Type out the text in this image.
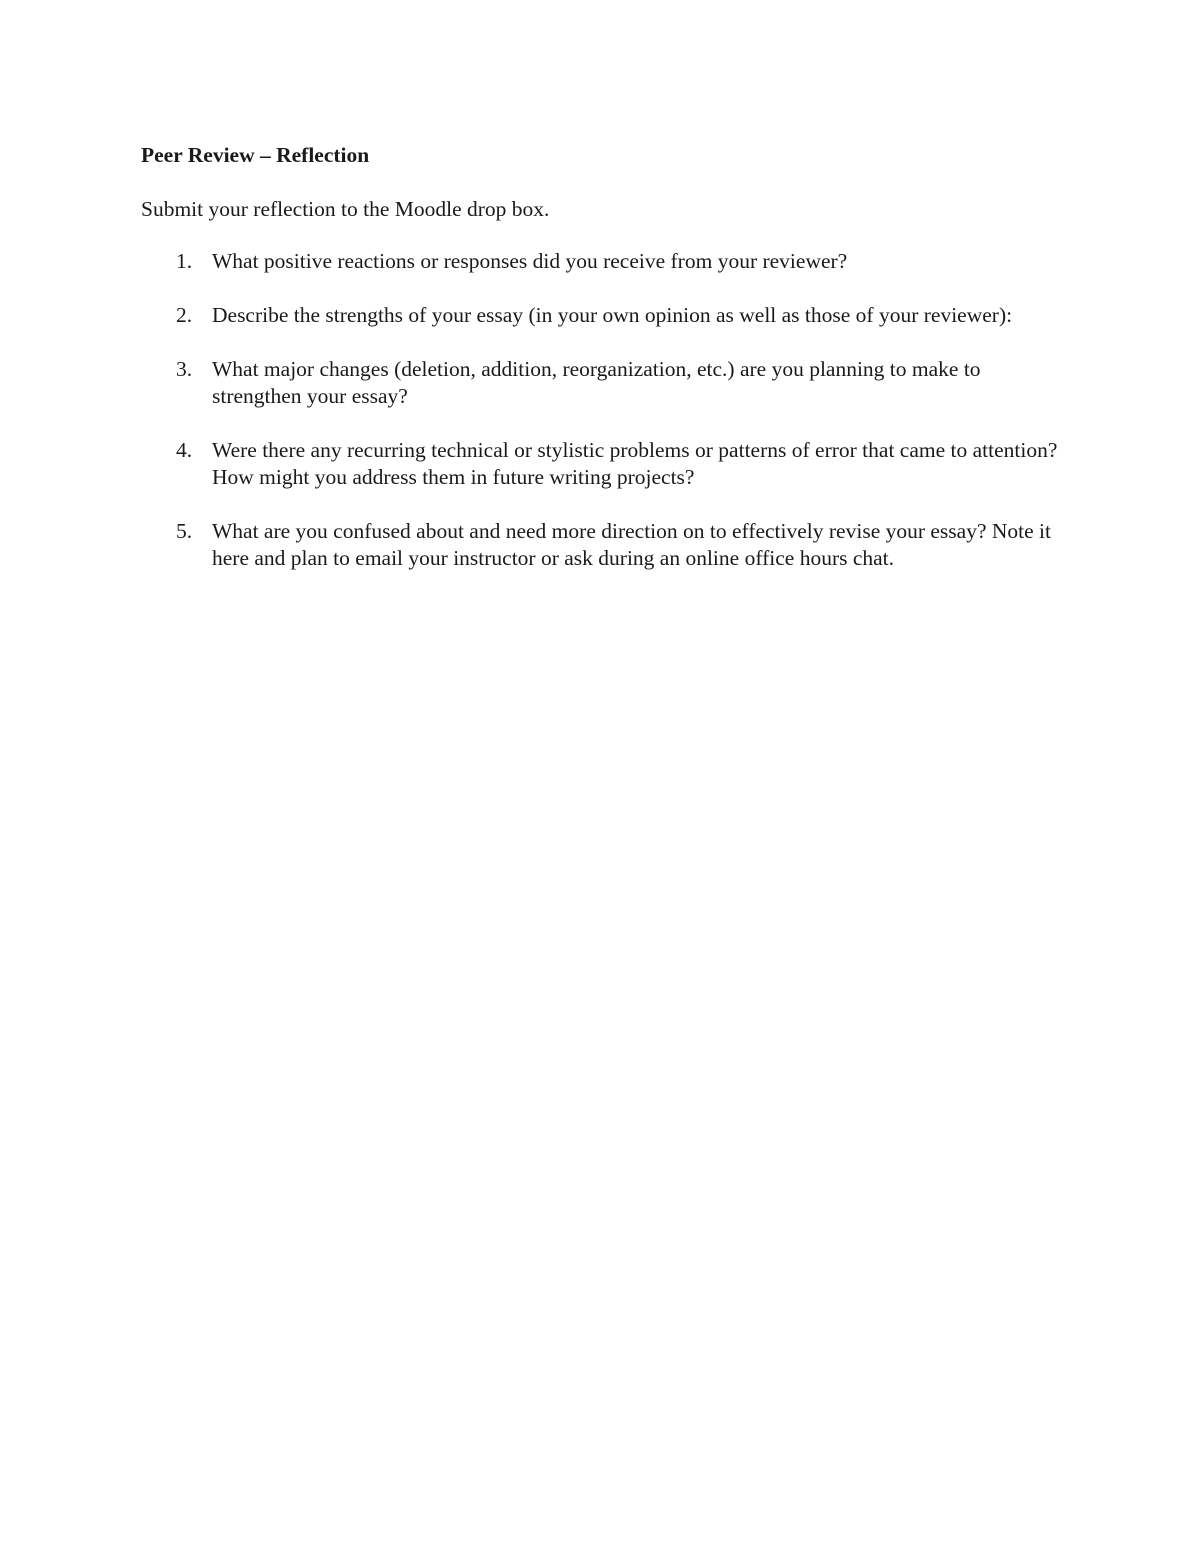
Peer Review – Reflection

Submit your reflection to the Moodle drop box.

1. What positive reactions or responses did you receive from your reviewer?
2. Describe the strengths of your essay (in your own opinion as well as those of your reviewer):
3. What major changes (deletion, addition, reorganization, etc.) are you planning to make to strengthen your essay?
4. Were there any recurring technical or stylistic problems or patterns of error that came to attention? How might you address them in future writing projects?
5. What are you confused about and need more direction on to effectively revise your essay? Note it here and plan to email your instructor or ask during an online office hours chat.
